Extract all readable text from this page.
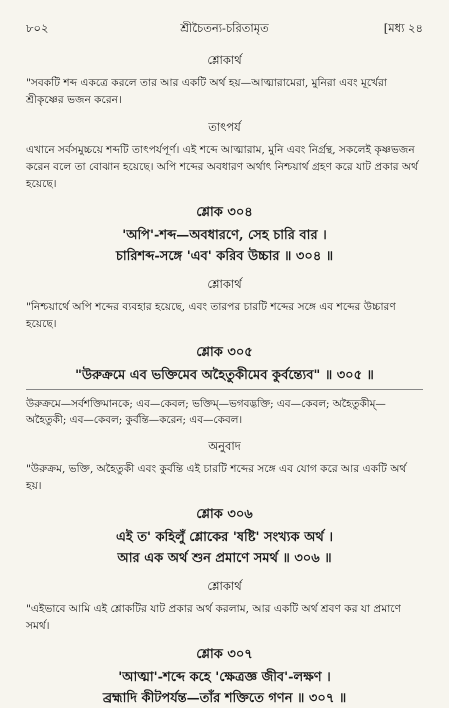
৮০২	শ্রীচৈতন্য-চরিতামৃত	[মধ্য ২৪

শ্লোকার্থ

"সবকটি শব্দ একত্রে করলে তার আর একটি অর্থ হয়—আত্মারামেরা, মুনিরা এবং মূর্খেরা শ্রীকৃষ্ণের ভজন করেন।

তাৎপর্য

এখানে সর্বসমুচ্চয়ে শব্দটি তাৎপর্যপূর্ণ। এই শব্দে আত্মারাম, মুনি এবং নির্গ্রন্থ, সকলেই কৃষ্ণভজন করেন বলে তা বোঝান হয়েছে। অপি শব্দের অবধারণ অর্থাৎ নিশ্চয়ার্থ গ্রহণ করে যাট প্রকার অর্থ হয়েছে।

শ্লোক ৩০৪

'অপি'-শব্দ—অবধারণে, সেহ চারি বার ।

চারিশব্দ-সঙ্গে 'এব' করিব উচ্চার ॥ ৩০৪ ॥

শ্লোকার্থ

"নিশ্চয়ার্থে অপি শব্দের ব্যবহার হয়েছে, এবং তারপর চারটি শব্দের সঙ্গে এব শব্দের উচ্চারণ হয়েছে।

শ্লোক ৩০৫

"উরুক্রমে এব ভক্তিমেব অহৈতুকীমেব কুর্বন্ত্যেব" ॥ ৩০৫ ॥

উরুক্রমে—সর্বশক্তিমানকে; এব—কেবল; ভক্তিম্—ভগবদ্ভক্তি; এব—কেবল; অহৈতুকীম্—অহৈতুকী; এব—কেবল; কুর্বন্তি—করেন; এব—কেবল।

অনুবাদ

"উরুক্রম, ভক্তি, অহৈতুকী এবং কুর্বন্তি এই চারটি শব্দের সঙ্গে এব যোগ করে আর একটি অর্থ হয়।

শ্লোক ৩০৬

এই ত' কহিলুঁ শ্লোকের 'ষষ্টি' সংখ্যক অর্থ ।

আর এক অর্থ শুন প্রমাণে সমর্থ ॥ ৩০৬ ॥

শ্লোকার্থ

"এইভাবে আমি এই শ্লোকটির যাট প্রকার অর্থ করলাম, আর একটি অর্থ শ্রবণ কর যা প্রমাণে সমর্থ।

শ্লোক ৩০৭

'আত্মা'-শব্দে কহে 'ক্ষেত্রজ্ঞ জীব'-লক্ষণ ।

ব্রহ্মাদি কীটপর্যন্ত—তাঁর শক্তিতে গণন ॥ ৩০৭ ॥
